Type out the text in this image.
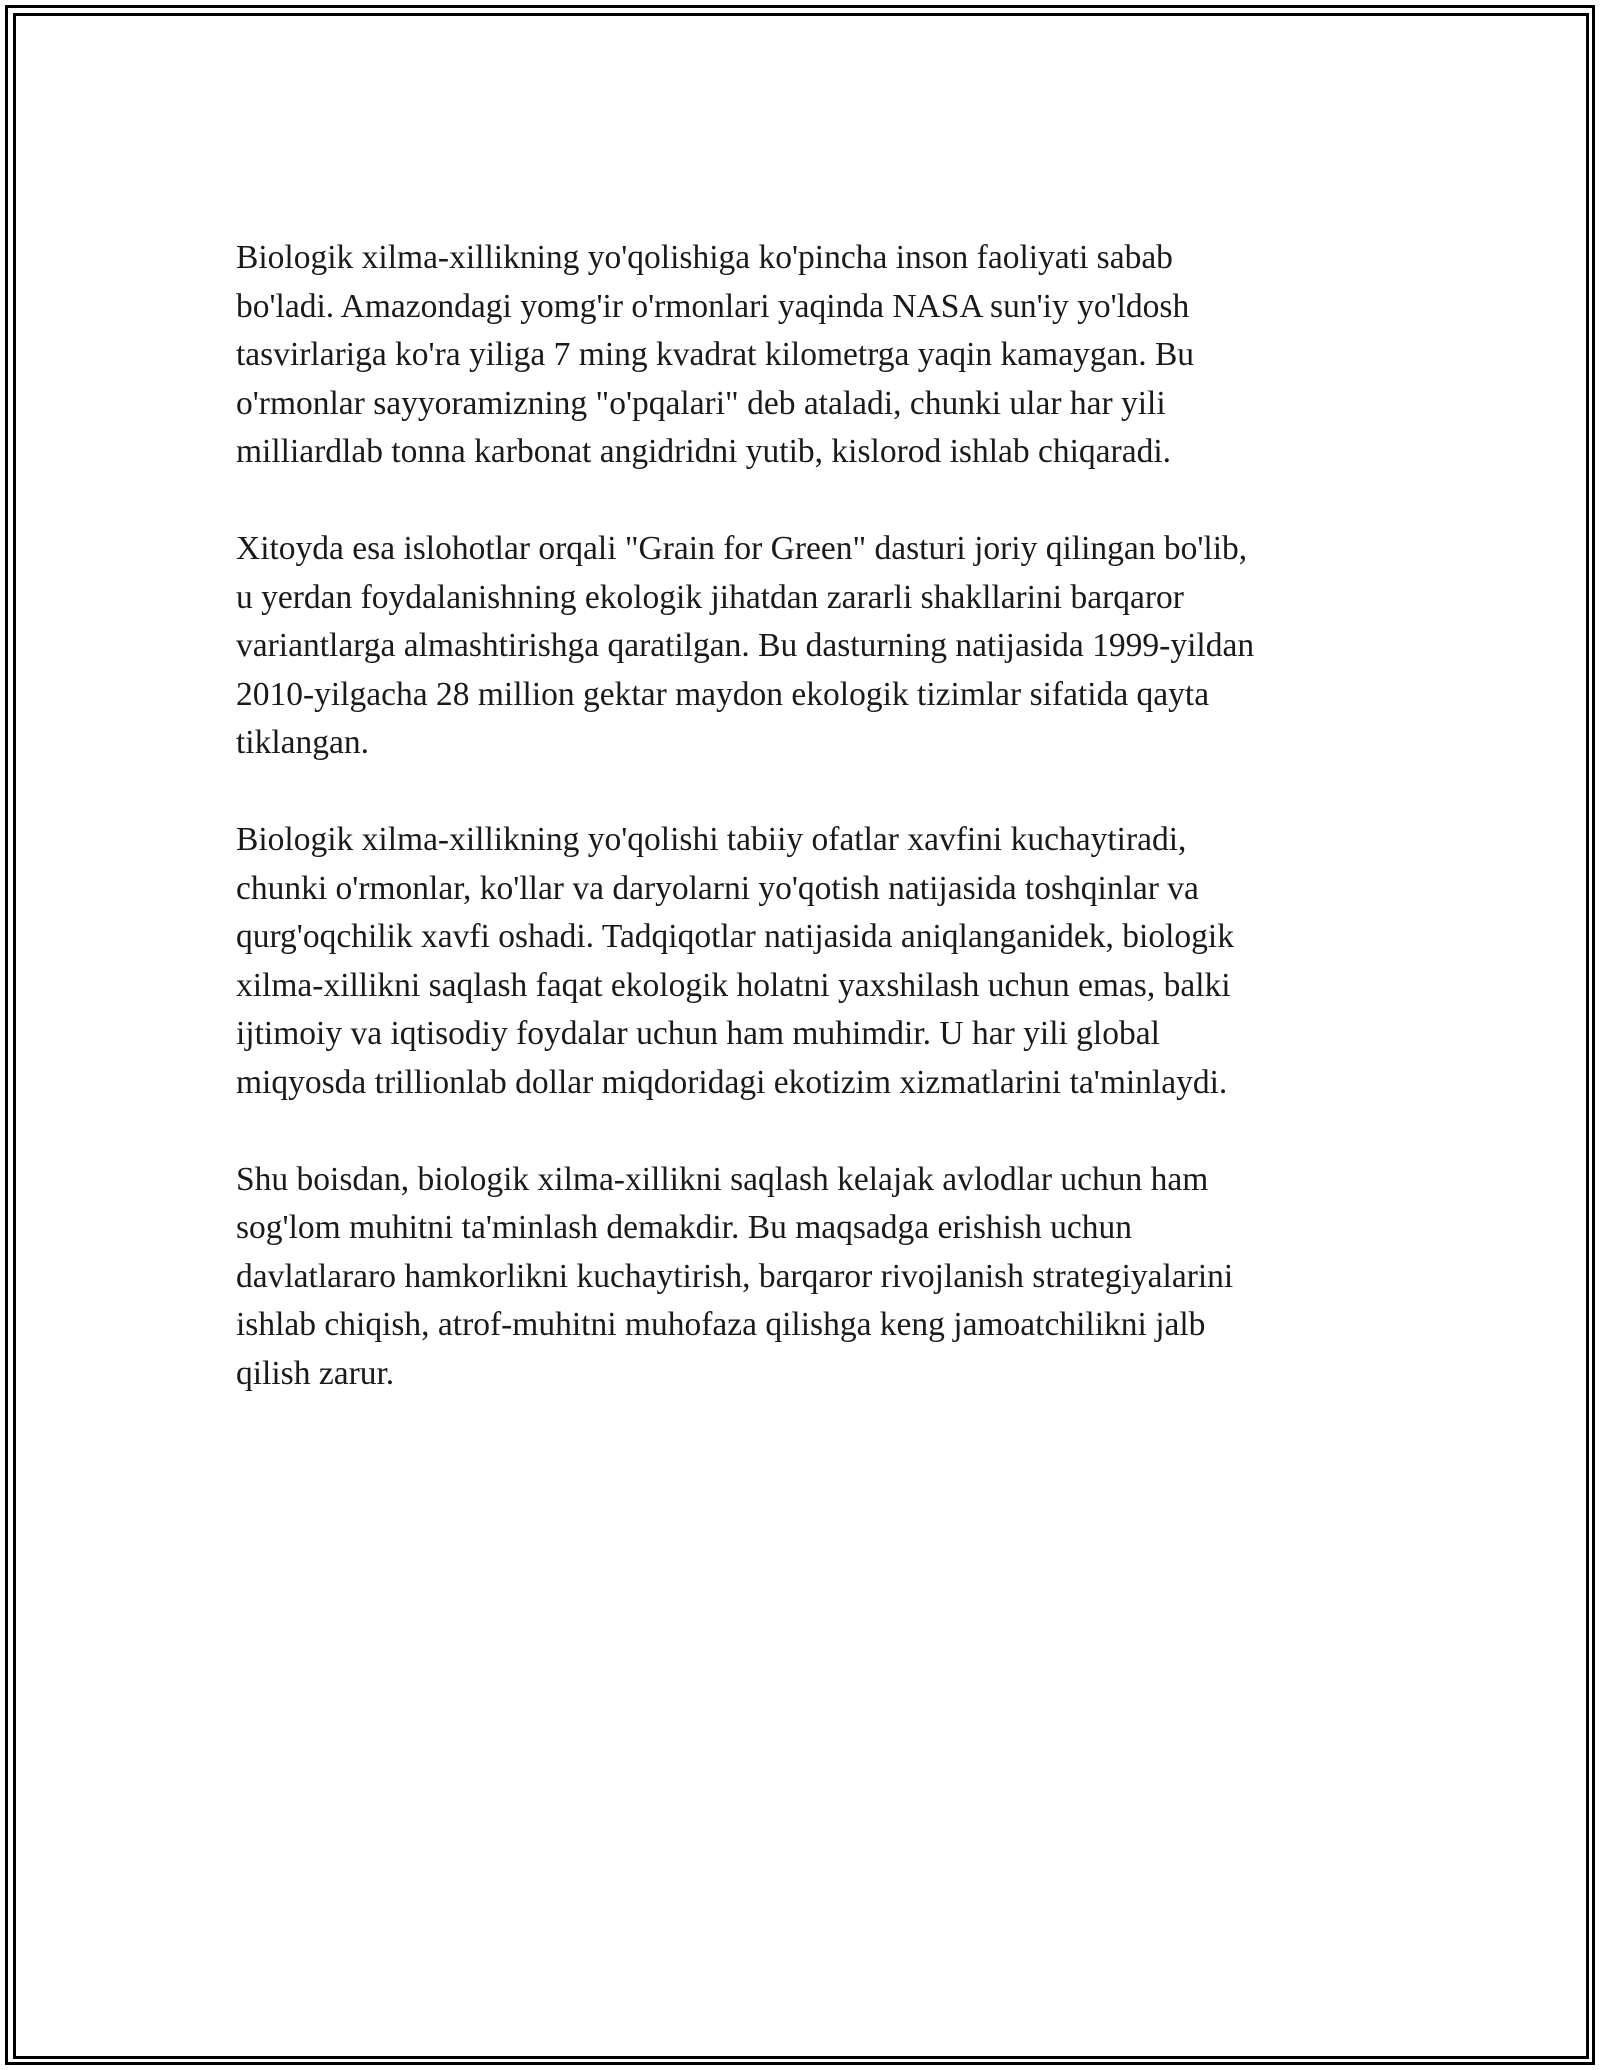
Biologik xilma-xillikning yo'qolishiga ko'pincha inson faoliyati sabab
bo'ladi. Amazondagi yomg'ir o'rmonlari yaqinda NASA sun'iy yo'ldosh
tasvirlariga ko'ra yiliga 7 ming kvadrat kilometrga yaqin kamaygan. Bu
o'rmonlar sayyoramizning "o'pqalari" deb ataladi, chunki ular har yili
milliardlab tonna karbonat angidridni yutib, kislorod ishlab chiqaradi.

Xitoyda esa islohotlar orqali "Grain for Green" dasturi joriy qilingan bo'lib,
u yerdan foydalanishning ekologik jihatdan zararli shakllarini barqaror
variantlarga almashtirishga qaratilgan. Bu dasturning natijasida 1999-yildan
2010-yilgacha 28 million gektar maydon ekologik tizimlar sifatida qayta
tiklangan.

Biologik xilma-xillikning yo'qolishi tabiiy ofatlar xavfini kuchaytiradi,
chunki o'rmonlar, ko'llar va daryolarni yo'qotish natijasida toshqinlar va
qurg'oqchilik xavfi oshadi. Tadqiqotlar natijasida aniqlanganidek, biologik
xilma-xillikni saqlash faqat ekologik holatni yaxshilash uchun emas, balki
ijtimoiy va iqtisodiy foydalar uchun ham muhimdir. U har yili global
miqyosda trillionlab dollar miqdoridagi ekotizim xizmatlarini ta'minlaydi.

Shu boisdan, biologik xilma-xillikni saqlash kelajak avlodlar uchun ham
sog'lom muhitni ta'minlash demakdir. Bu maqsadga erishish uchun
davlatlararo hamkorlikni kuchaytirish, barqaror rivojlanish strategiyalarini
ishlab chiqish, atrof-muhitni muhofaza qilishga keng jamoatchilikni jalb
qilish zarur.
